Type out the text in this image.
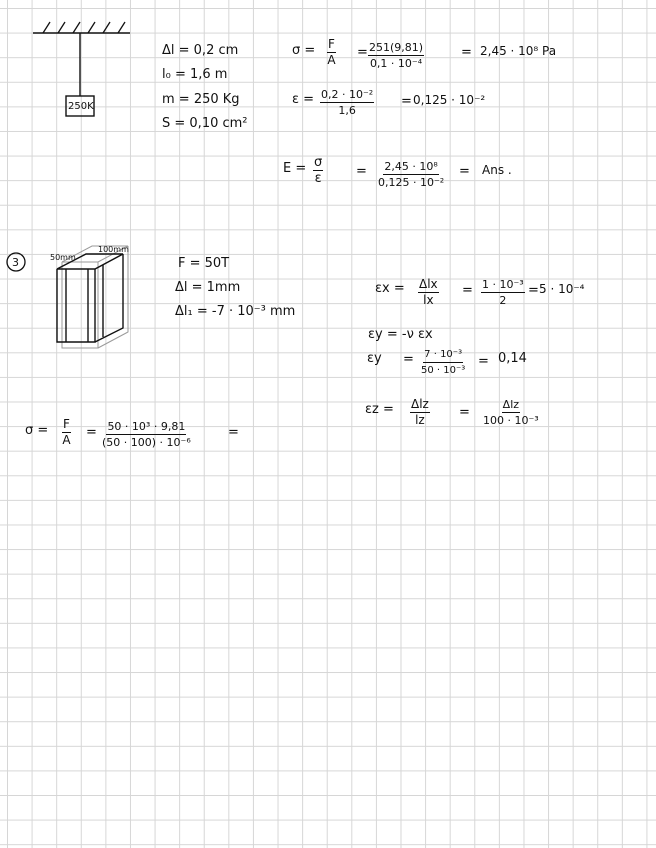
250K
Δl = 0,2 cm
l₀ = 1,6 m
m = 250 Kg
S = 0,10 cm²
$\sigma = \frac{F}{A} = \frac{251(9,81)}{\text{0,1 · 10⁻⁴}}$	= 2,45 · 10⁸ Pa
$\varepsilon = \frac{\text{0,2 · 10⁻²}}{1,6} = 0,125 \cdot 10^{-2}$
$E = \frac{\sigma}{\varepsilon}$	= $\frac{\text{2,45 · 10⁸}}{\text{0,125 · 10⁻²}}$ = Ans .
3	50mm
100mm
F = 50T
Δl = 1mm
Δl₁ = -7 · 10⁻³ mm
εx = Δlx
lx
= $\frac{\text{1 · 10⁻³}}{2} = 5 \cdot 10^{-4}$
εy = -ν εx
$\varepsilon y = \frac{\text{7 · 10⁻³}}{\text{50 · 10⁻³}} = 0,14$
εz = Δlz
lz	=
Δlz
100 · 10⁻³
$\sigma = \frac{F}{A} = \frac{\text{50 · 10³ · 9,81}}{\text{(50 · 100) · 10⁻⁶}}$	=
